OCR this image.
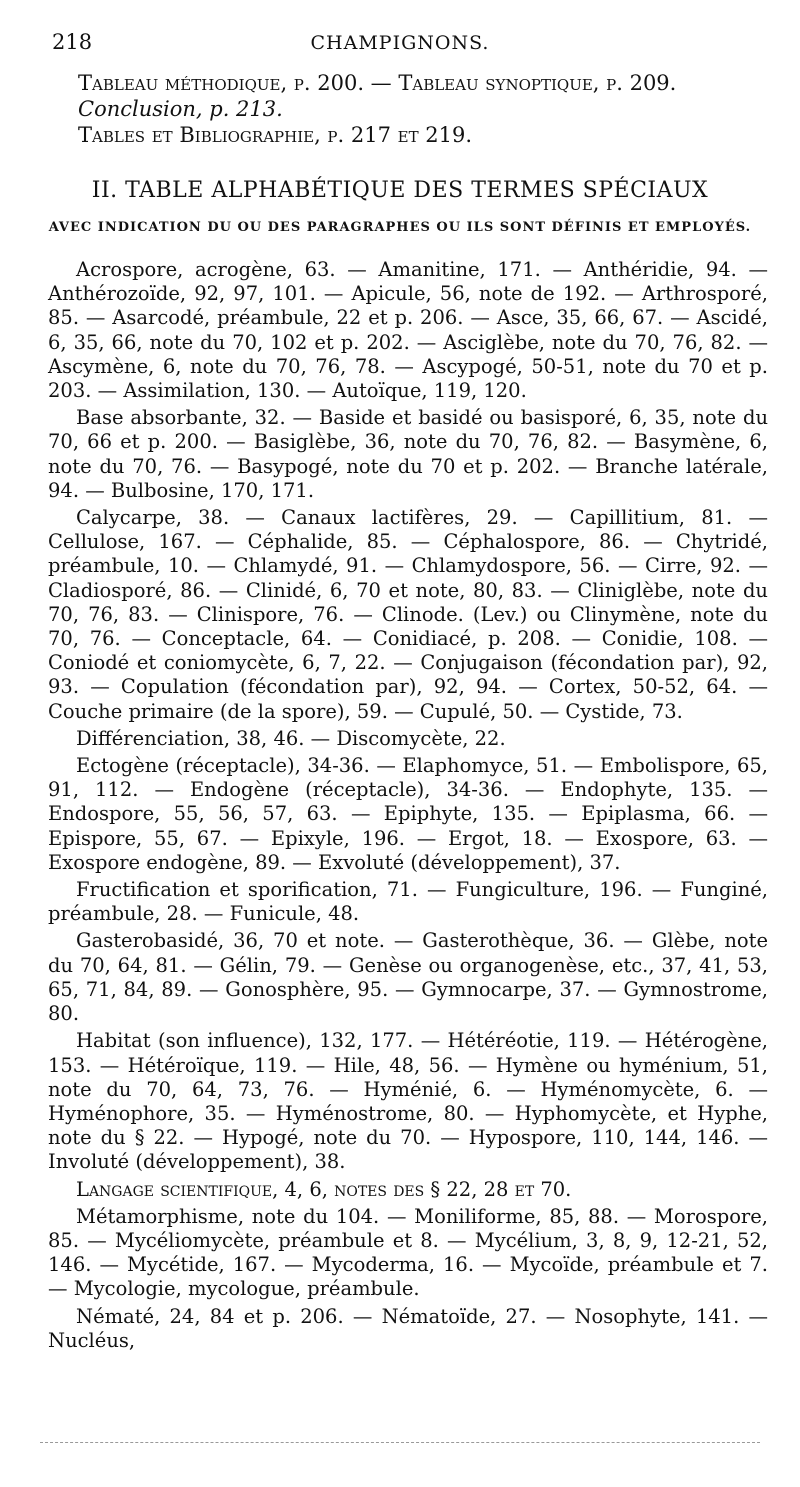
218	CHAMPIGNONS.
Tableau méthodique, p. 200. — Tableau synoptique, p. 209.
Conclusion, p. 213.
Tables et Bibliographie, p. 217 et 219.
II. TABLE ALPHABÉTIQUE DES TERMES SPÉCIAUX
AVEC INDICATION DU OU DES PARAGRAPHES OU ILS SONT DÉFINIS ET EMPLOYÉS.

Acrospore, acrogène, 63. — Amanitine, 171. — Anthéridie, 94. — Anthérozoïde, 92, 97, 101. — Apicule, 56, note de 192. — Arthrosporé, 85. — Asarcodé, préambule, 22 et p. 206. — Asce, 35, 66, 67. — Ascidé, 6, 35, 66, note du 70, 102 et p. 202. — Asciglèbe, note du 70, 76, 82. — Ascymène, 6, note du 70, 76, 78. — Ascypogé, 50-51, note du 70 et p. 203. — Assimilation, 130. — Autoïque, 119, 120.

Base absorbante, 32. — Baside et basidé ou basisporé, 6, 35, note du 70, 66 et p. 200. — Basiglèbe, 36, note du 70, 76, 82. — Basymène, 6, note du 70, 76. — Basypogé, note du 70 et p. 202. — Branche latérale, 94. — Bulbosine, 170, 171.

Calycarpe, 38. — Canaux lactifères, 29. — Capillitium, 81. — Cellulose, 167. — Céphalide, 85. — Céphalospore, 86. — Chytridé, préambule, 10. — Chlamydé, 91. — Chlamydospore, 56. — Cirre, 92. — Cladiosporé, 86. — Clinidé, 6, 70 et note, 80, 83. — Cliniglèbe, note du 70, 76, 83. — Clinispore, 76. — Clinode. (Lev.) ou Clinymène, note du 70, 76. — Conceptacle, 64. — Conidiacé, p. 208. — Conidie, 108. — Coniodé et coniomycète, 6, 7, 22. — Conjugaison (fécondation par), 92, 93. — Copulation (fécondation par), 92, 94. — Cortex, 50-52, 64. — Couche primaire (de la spore), 59. — Cupulé, 50. — Cystide, 73.

Différenciation, 38, 46. — Discomycète, 22.

Ectogène (réceptacle), 34-36. — Elaphomyce, 51. — Embolispore, 65, 91, 112. — Endogène (réceptacle), 34-36. — Endophyte, 135. — Endospore, 55, 56, 57, 63. — Epiphyte, 135. — Epiplasma, 66. — Epispore, 55, 67. — Epixyle, 196. — Ergot, 18. — Exospore, 63. — Exospore endogène, 89. — Exvoluté (développement), 37.

Fructification et sporification, 71. — Fungiculture, 196. — Funginé, préambule, 28. — Funicule, 48.

Gasterobasidé, 36, 70 et note. — Gasterothèque, 36. — Glèbe, note du 70, 64, 81. — Gélin, 79. — Genèse ou organogenèse, etc., 37, 41, 53, 65, 71, 84, 89. — Gonosphère, 95. — Gymnocarpe, 37. — Gymnostrome, 80.

Habitat (son influence), 132, 177. — Hétéréotie, 119. — Hétérogène, 153. — Hétéroïque, 119. — Hile, 48, 56. — Hymène ou hyménium, 51, note du 70, 64, 73, 76. — Hyménié, 6. — Hyménomycète, 6. — Hyménophore, 35. — Hyménostrome, 80. — Hyphomycète, et Hyphe, note du § 22. — Hypogé, note du 70. — Hypospore, 110, 144, 146. — Involuté (développement), 38.

Langage scientifique, 4, 6, notes des § 22, 28 et 70.

Métamorphisme, note du 104. — Moniliforme, 85, 88. — Morospore, 85. — Mycéliomycète, préambule et 8. — Mycélium, 3, 8, 9, 12-21, 52, 146. — Mycétide, 167. — Mycoderma, 16. — Mycoïde, préambule et 7. — Mycologie, mycologue, préambule.

Nématé, 24, 84 et p. 206. — Nématoïde, 27. — Nosophyte, 141. — Nucléus,
